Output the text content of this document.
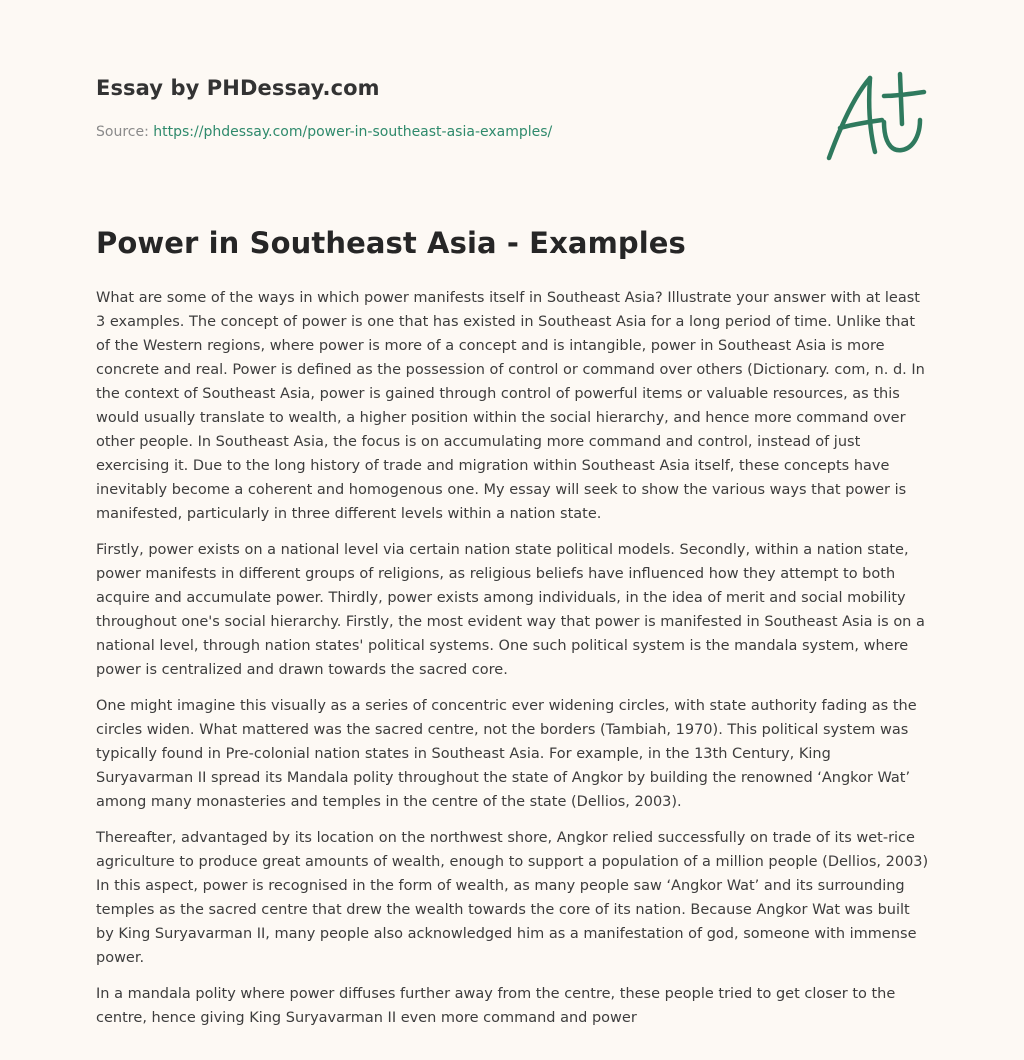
Essay by PHDessay.com
Source: https://phdessay.com/power-in-southeast-asia-examples/
Power in Southeast Asia - Examples

What are some of the ways in which power manifests itself in Southeast Asia? Illustrate your answer with at least 3 examples. The concept of power is one that has existed in Southeast Asia for a long period of time. Unlike that of the Western regions, where power is more of a concept and is intangible, power in Southeast Asia is more concrete and real. Power is defined as the possession of control or command over others (Dictionary. com, n. d. In the context of Southeast Asia, power is gained through control of powerful items or valuable resources, as this would usually translate to wealth, a higher position within the social hierarchy, and hence more command over other people. In Southeast Asia, the focus is on accumulating more command and control, instead of just exercising it. Due to the long history of trade and migration within Southeast Asia itself, these concepts have inevitably become a coherent and homogenous one. My essay will seek to show the various ways that power is manifested, particularly in three different levels within a nation state.

Firstly, power exists on a national level via certain nation state political models. Secondly, within a nation state, power manifests in different groups of religions, as religious beliefs have influenced how they attempt to both acquire and accumulate power. Thirdly, power exists among individuals, in the idea of merit and social mobility throughout one's social hierarchy. Firstly, the most evident way that power is manifested in Southeast Asia is on a national level, through nation states' political systems. One such political system is the mandala system, where power is centralized and drawn towards the sacred core.

One might imagine this visually as a series of concentric ever widening circles, with state authority fading as the circles widen. What mattered was the sacred centre, not the borders (Tambiah, 1970). This political system was typically found in Pre-colonial nation states in Southeast Asia. For example, in the 13th Century, King Suryavarman II spread its Mandala polity throughout the state of Angkor by building the renowned ‘Angkor Wat’ among many monasteries and temples in the centre of the state (Dellios, 2003).

Thereafter, advantaged by its location on the northwest shore, Angkor relied successfully on trade of its wet-rice agriculture to produce great amounts of wealth, enough to support a population of a million people (Dellios, 2003) In this aspect, power is recognised in the form of wealth, as many people saw ‘Angkor Wat’ and its surrounding temples as the sacred centre that drew the wealth towards the core of its nation. Because Angkor Wat was built by King Suryavarman II, many people also acknowledged him as a manifestation of god, someone with immense power.

In a mandala polity where power diffuses further away from the centre, these people tried to get closer to the centre, hence giving King Suryavarman II even more command and power
